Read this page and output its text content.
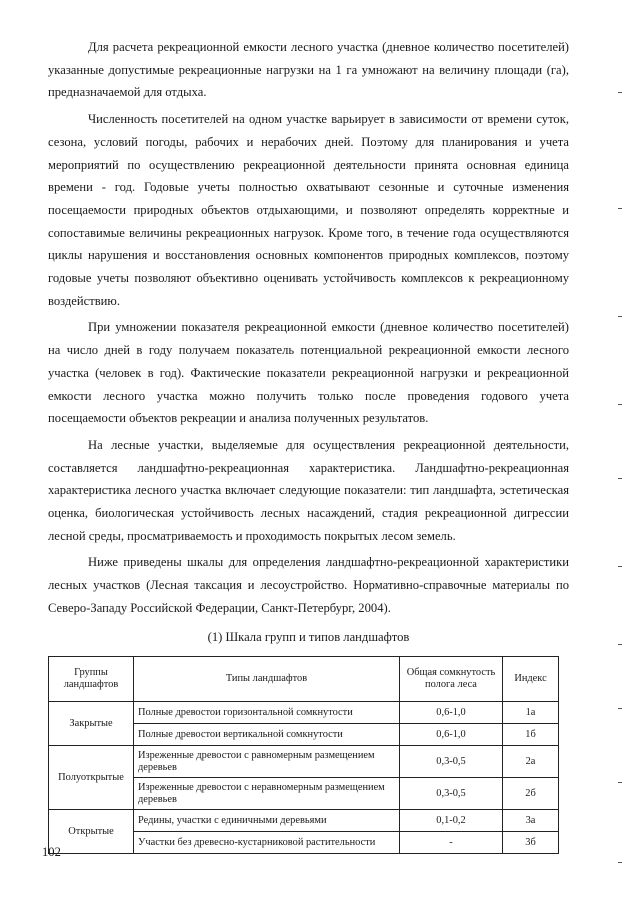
Для расчета рекреационной емкости лесного участка (дневное количество посетителей) указанные допустимые рекреационные нагрузки на 1 га умножают на величину площади (га), предназначаемой для отдыха.

Численность посетителей на одном участке варьирует в зависимости от времени суток, сезона, условий погоды, рабочих и нерабочих дней. Поэтому для планирования и учета мероприятий по осуществлению рекреационной деятельности принята основная единица времени - год. Годовые учеты полностью охватывают сезонные и суточные изменения посещаемости природных объектов отдыхающими, и позволяют определять корректные и сопоставимые величины рекреационных нагрузок. Кроме того, в течение года осуществляются циклы нарушения и восстановления основных компонентов природных комплексов, поэтому годовые учеты позволяют объективно оценивать устойчивость комплексов к рекреационному воздействию.

При умножении показателя рекреационной емкости (дневное количество посетителей) на число дней в году получаем показатель потенциальной рекреационной емкости лесного участка (человек в год). Фактические показатели рекреационной нагрузки и рекреационной емкости лесного участка можно получить только после проведения годового учета посещаемости объектов рекреации и анализа полученных результатов.

На лесные участки, выделяемые для осуществления рекреационной деятельности, составляется ландшафтно-рекреационная характеристика. Ландшафтно-рекреационная характеристика лесного участка включает следующие показатели: тип ландшафта, эстетическая оценка, биологическая устойчивость лесных насаждений, стадия рекреационной дигрессии лесной среды, просматриваемость и проходимость покрытых лесом земель.

Ниже приведены шкалы для определения ландшафтно-рекреационной характеристики лесных участков (Лесная таксация и лесоустройство. Нормативно-справочные материалы по Северо-Западу Российской Федерации, Санкт-Петербург, 2004).

(1) Шкала групп и типов ландшафтов
Группы ландшафтов	Типы ландшафтов	Общая сомкнутость полога леса	Индекс
Закрытые	Полные древостои горизонтальной сомкнутости	0,6-1,0	1а
	Полные древостои вертикальной сомкнутости	0,6-1,0	1б
Полуоткрытые	Изреженные древостои с равномерным размещением деревьев	0,3-0,5	2а
	Изреженные древостои с неравномерным размещением деревьев	0,3-0,5	2б
Открытые	Редины, участки с единичными деревьями	0,1-0,2	3а
	Участки без древесно-кустарниковой растительности	-	3б
102
